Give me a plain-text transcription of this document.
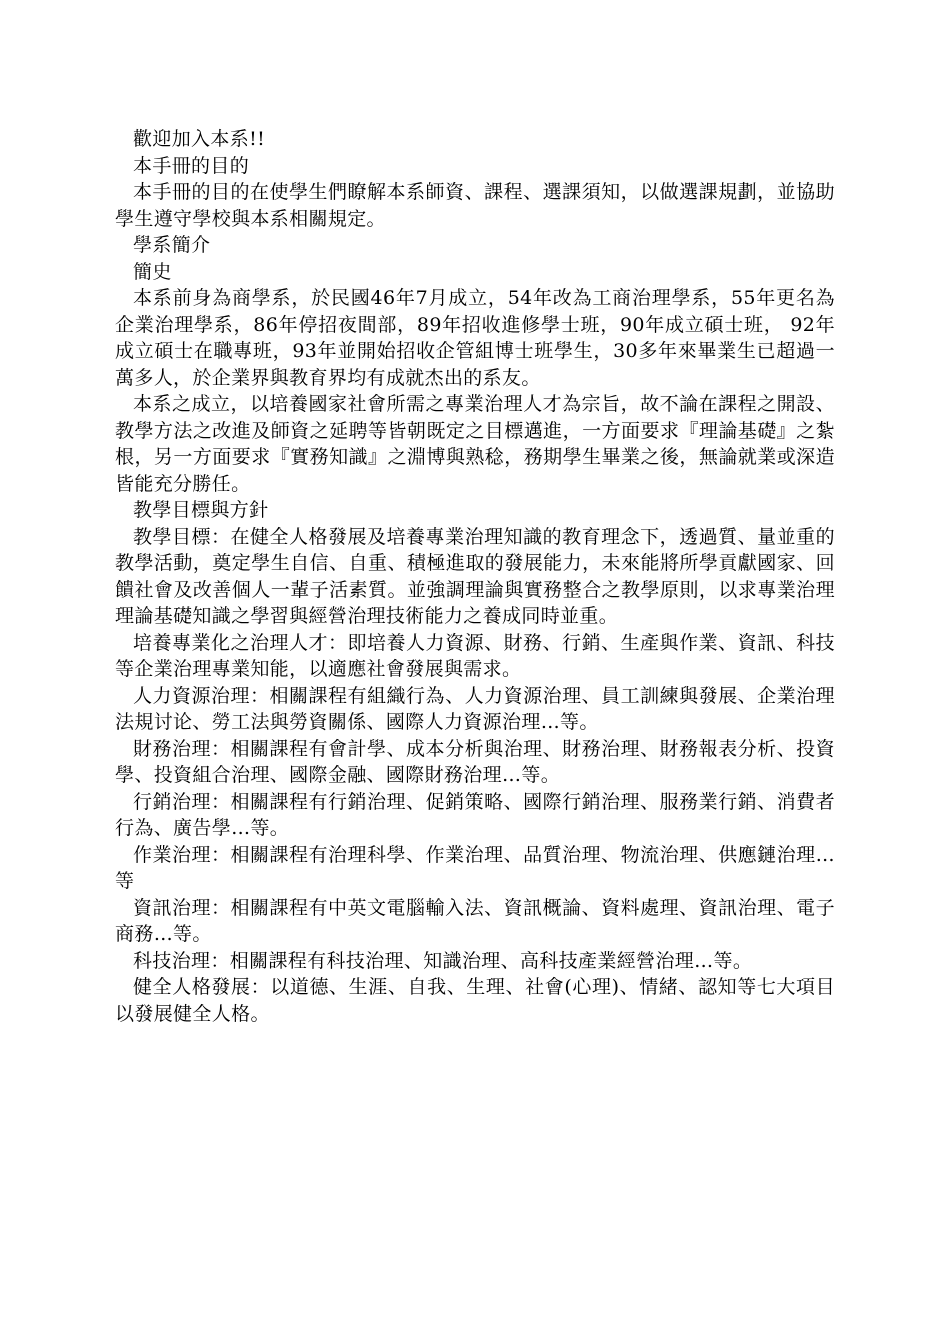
歡迎加入本系!!

本手冊的目的

本手冊的目的在使學生們瞭解本系師資、課程、選課須知，以做選課規劃，並協助學生遵守學校與本系相關規定。

學系簡介

簡史

本系前身為商學系，於民國46年7月成立，54年改為工商治理學系，55年更名為企業治理學系，86年停招夜間部，89年招收進修學士班，90年成立碩士班， 92年成立碩士在職專班，93年並開始招收企管組博士班學生，30多年來畢業生已超過一萬多人，於企業界與教育界均有成就杰出的系友。

本系之成立，以培養國家社會所需之專業治理人才為宗旨，故不論在課程之開設、教學方法之改進及師資之延聘等皆朝既定之目標邁進，一方面要求『理論基礎』之紮根，另一方面要求『實務知識』之淵博與熟稔，務期學生畢業之後，無論就業或深造皆能充分勝任。

教學目標與方針

教學目標：在健全人格發展及培養專業治理知識的教育理念下，透過質、量並重的教學活動，奠定學生自信、自重、積極進取的發展能力，未來能將所學貢獻國家、回饋社會及改善個人一輩子活素質。並強調理論與實務整合之教學原則，以求專業治理理論基礎知識之學習與經營治理技術能力之養成同時並重。

培養專業化之治理人才：即培養人力資源、財務、行銷、生產與作業、資訊、科技等企業治理專業知能，以適應社會發展與需求。

人力資源治理：相關課程有組織行為、人力資源治理、員工訓練與發展、企業治理法規讨论、勞工法與勞資關係、國際人力資源治理…等。

財務治理：相關課程有會計學、成本分析與治理、財務治理、財務報表分析、投資學、投資組合治理、國際金融、國際財務治理…等。

行銷治理：相關課程有行銷治理、促銷策略、國際行銷治理、服務業行銷、消費者行為、廣告學…等。

作業治理：相關課程有治理科學、作業治理、品質治理、物流治理、供應鏈治理…等

資訊治理：相關課程有中英文電腦輸入法、資訊概論、資料處理、資訊治理、電子商務…等。

科技治理：相關課程有科技治理、知識治理、高科技產業經營治理…等。

健全人格發展：以道德、生涯、自我、生理、社會(心理)、情緒、認知等七大項目以發展健全人格。
